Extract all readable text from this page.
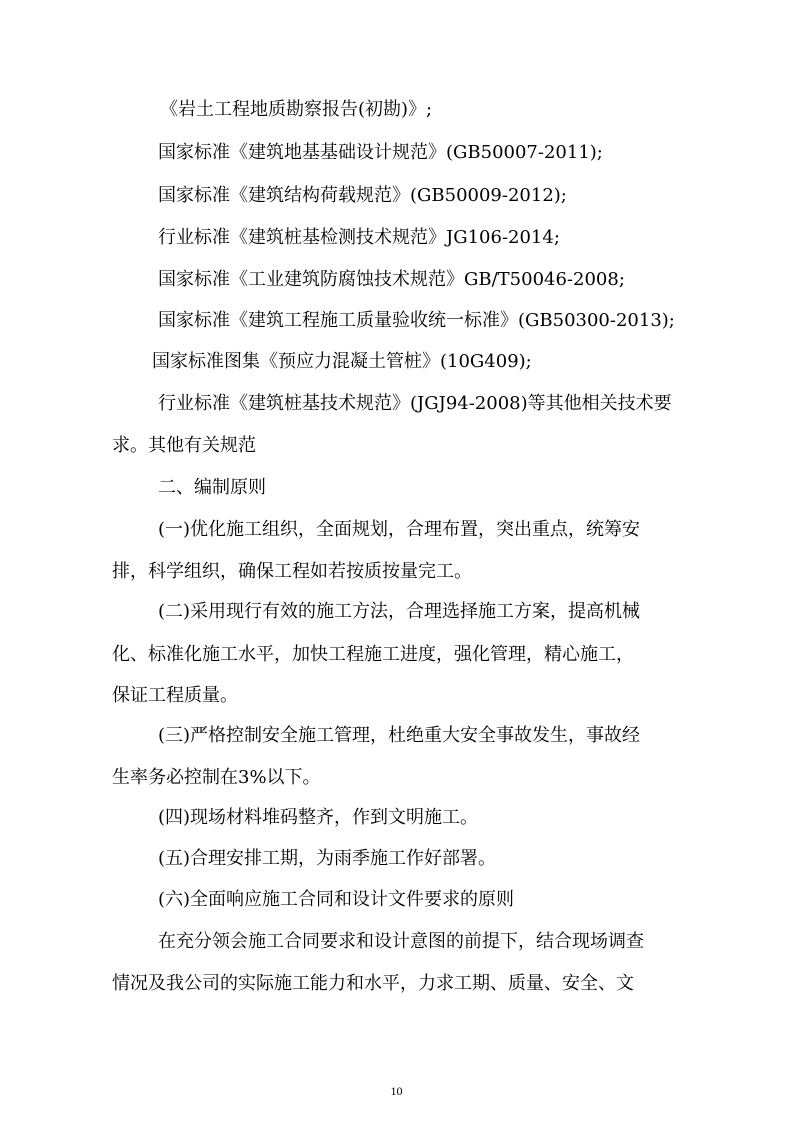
《岩土工程地质勘察报告(初勘)》;
国家标准《建筑地基基础设计规范》(GB50007-2011);
国家标准《建筑结构荷载规范》(GB50009-2012);
行业标准《建筑桩基检测技术规范》JG106-2014;
国家标准《工业建筑防腐蚀技术规范》GB/T50046-2008;
国家标准《建筑工程施工质量验收统一标准》(GB50300-2013);
国家标准图集《预应力混凝土管桩》(10G409);
行业标准《建筑桩基技术规范》(JGJ94-2008)等其他相关技术要
求。其他有关规范
二、编制原则
(一)优化施工组织，全面规划，合理布置，突出重点，统筹安
排，科学组织，确保工程如若按质按量完工。
(二)采用现行有效的施工方法，合理选择施工方案，提高机械
化、标准化施工水平，加快工程施工进度，强化管理，精心施工，
保证工程质量。
(三)严格控制安全施工管理，杜绝重大安全事故发生，事故经
生率务必控制在3%以下。
(四)现场材料堆码整齐，作到文明施工。
(五)合理安排工期，为雨季施工作好部署。
(六)全面响应施工合同和设计文件要求的原则
在充分领会施工合同要求和设计意图的前提下，结合现场调查
情况及我公司的实际施工能力和水平，力求工期、质量、安全、文
10
